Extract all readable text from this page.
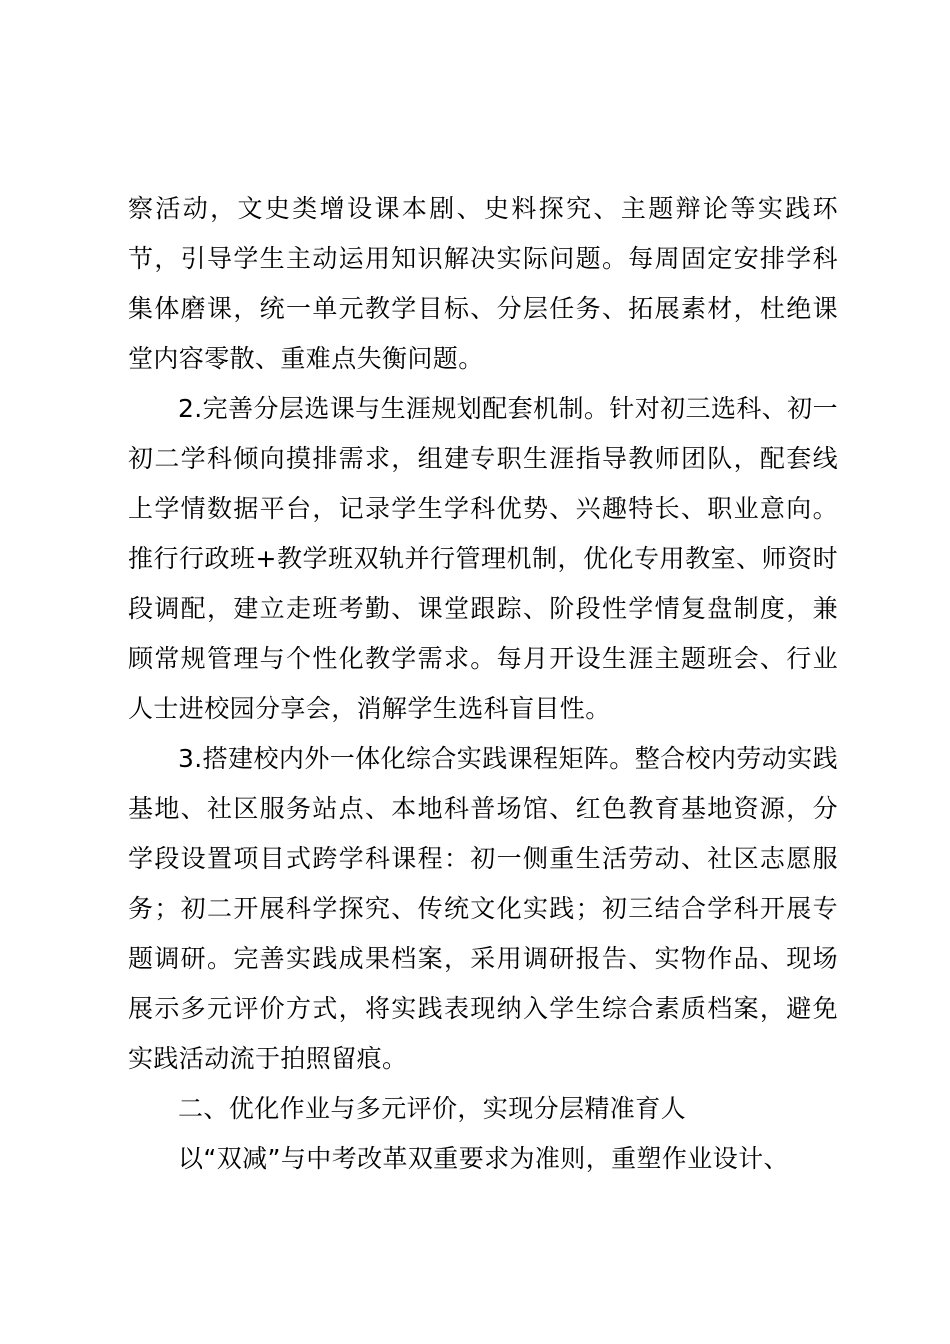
察活动，文史类增设课本剧、史料探究、主题辩论等实践环节，引导学生主动运用知识解决实际问题。每周固定安排学科集体磨课，统一单元教学目标、分层任务、拓展素材，杜绝课堂内容零散、重难点失衡问题。

2.完善分层选课与生涯规划配套机制。针对初三选科、初一初二学科倾向摸排需求，组建专职生涯指导教师团队，配套线上学情数据平台，记录学生学科优势、兴趣特长、职业意向。推行行政班+教学班双轨并行管理机制，优化专用教室、师资时段调配，建立走班考勤、课堂跟踪、阶段性学情复盘制度，兼顾常规管理与个性化教学需求。每月开设生涯主题班会、行业人士进校园分享会，消解学生选科盲目性。

3.搭建校内外一体化综合实践课程矩阵。整合校内劳动实践基地、社区服务站点、本地科普场馆、红色教育基地资源，分学段设置项目式跨学科课程：初一侧重生活劳动、社区志愿服务；初二开展科学探究、传统文化实践；初三结合学科开展专题调研。完善实践成果档案，采用调研报告、实物作品、现场展示多元评价方式，将实践表现纳入学生综合素质档案，避免实践活动流于拍照留痕。

二、优化作业与多元评价，实现分层精准育人

以“双减”与中考改革双重要求为准则，重塑作业设计、
